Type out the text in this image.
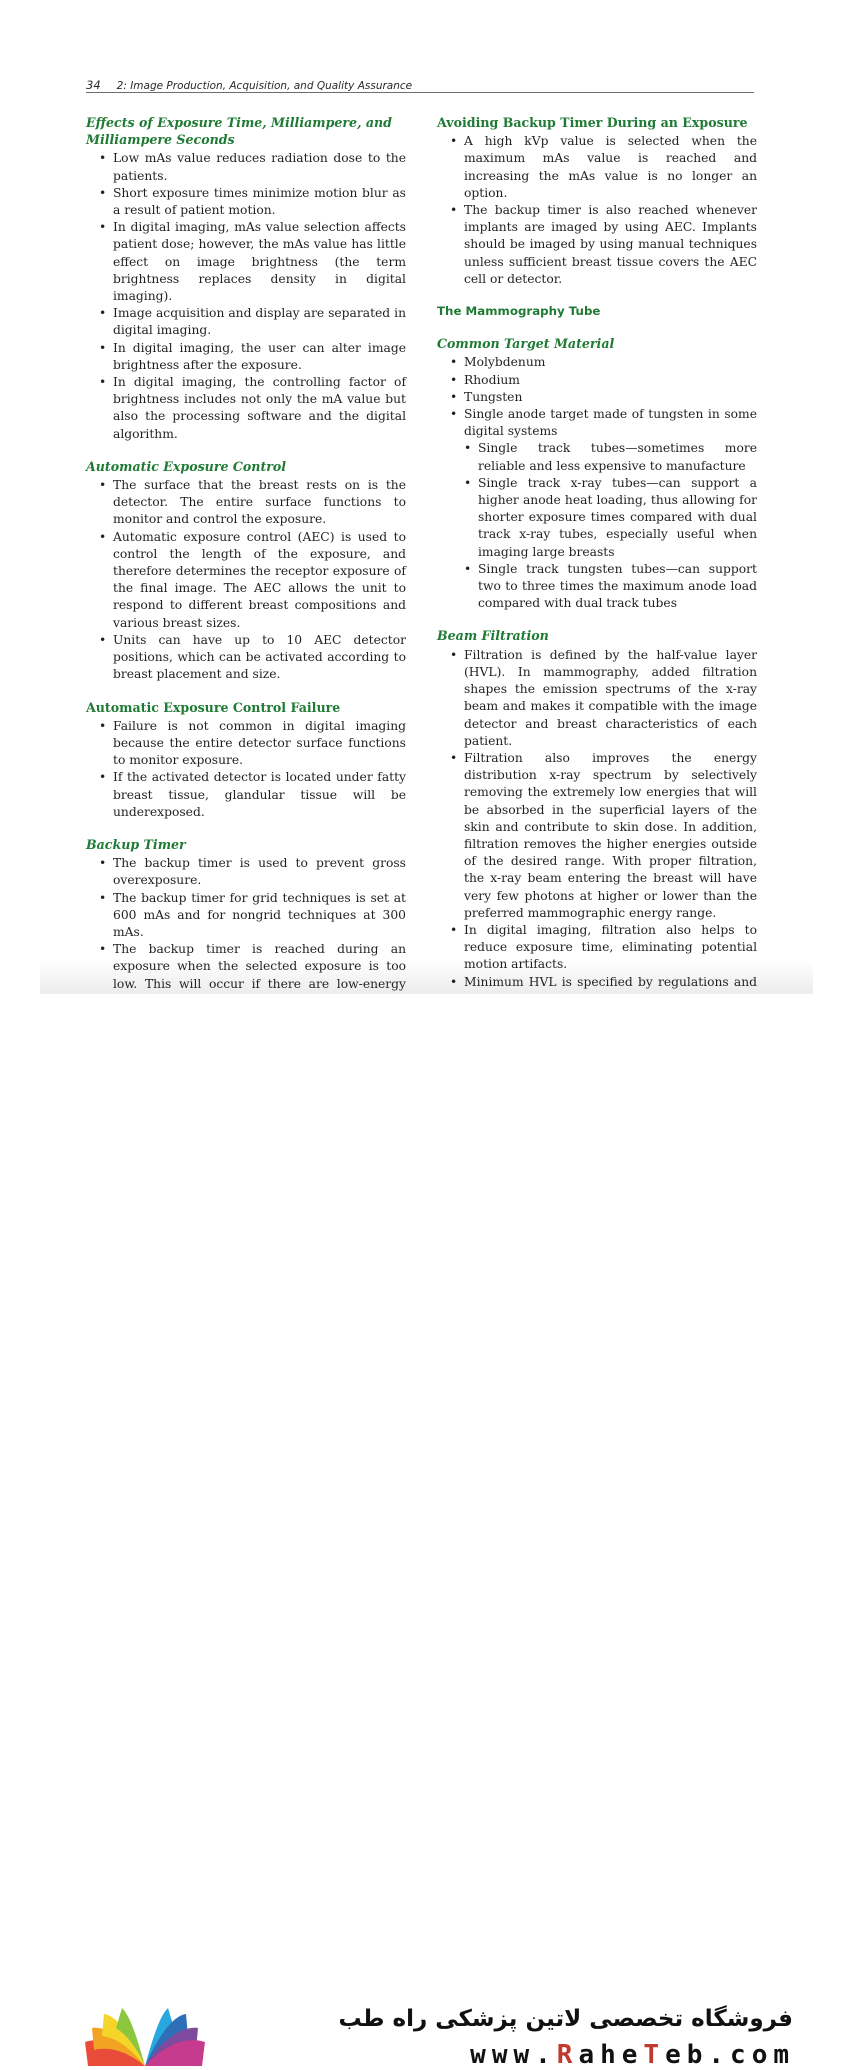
34 2: Image Production, Acquisition, and Quality Assurance
Effects of Exposure Time, Milliampere, and Milliampere Seconds
• Low mAs value reduces radiation dose to the patients.
• Short exposure times minimize motion blur as a result of patient motion.
• In digital imaging, mAs value selection affects patient dose; however, the mAs value has little effect on image brightness (the term brightness replaces density in digital imaging).
• Image acquisition and display are separated in digital imaging.
• In digital imaging, the user can alter image brightness after the exposure.
• In digital imaging, the controlling factor of brightness includes not only the mA value but also the processing software and the digital algorithm.
Automatic Exposure Control
• The surface that the breast rests on is the detector. The entire surface functions to monitor and control the exposure.
• Automatic exposure control (AEC) is used to control the length of the exposure, and therefore determines the receptor exposure of the final image. The AEC allows the unit to respond to different breast compositions and various breast sizes.
• Units can have up to 10 AEC detector positions, which can be activated according to breast placement and size.
Automatic Exposure Control Failure
• Failure is not common in digital imaging because the entire detector surface functions to monitor exposure.
• If the activated detector is located under fatty breast tissue, glandular tissue will be underexposed.
Backup Timer
• The backup timer is used to prevent gross overexposure.
• The backup timer for grid techniques is set at 600 mAs and for nongrid techniques at 300 mAs.
• The backup timer is reached during an exposure when the selected exposure is too low. This will occur if there are low-energy
Avoiding Backup Timer During an Exposure
• A high kVp value is selected when the maximum mAs value is reached and increasing the mAs value is no longer an option.
• The backup timer is also reached whenever implants are imaged by using AEC. Implants should be imaged by using manual techniques unless sufficient breast tissue covers the AEC cell or detector.
The Mammography Tube
Common Target Material
• Molybdenum
• Rhodium
• Tungsten
• Single anode target made of tungsten in some digital systems
• Single track tubes—sometimes more reliable and less expensive to manufacture
• Single track x-ray tubes—can support a higher anode heat loading, thus allowing for shorter exposure times compared with dual track x-ray tubes, especially useful when imaging large breasts
• Single track tungsten tubes—can support two to three times the maximum anode load compared with dual track tubes
Beam Filtration
• Filtration is defined by the half-value layer (HVL). In mammography, added filtration shapes the emission spectrums of the x-ray beam and makes it compatible with the image detector and breast characteristics of each patient.
• Filtration also improves the energy distribution x-ray spectrum by selectively removing the extremely low energies that will be absorbed in the superficial layers of the skin and contribute to skin dose. In addition, filtration removes the higher energies outside of the desired range. With proper filtration, the x-ray beam entering the breast will have very few photons at higher or lower than the preferred mammographic energy range.
• In digital imaging, filtration also helps to reduce exposure time, eliminating potential motion artifacts.
• Minimum HVL is specified by regulations and
فروشگاه تخصصی لاتین پزشکی راه طب
www.RaheTeb.com
